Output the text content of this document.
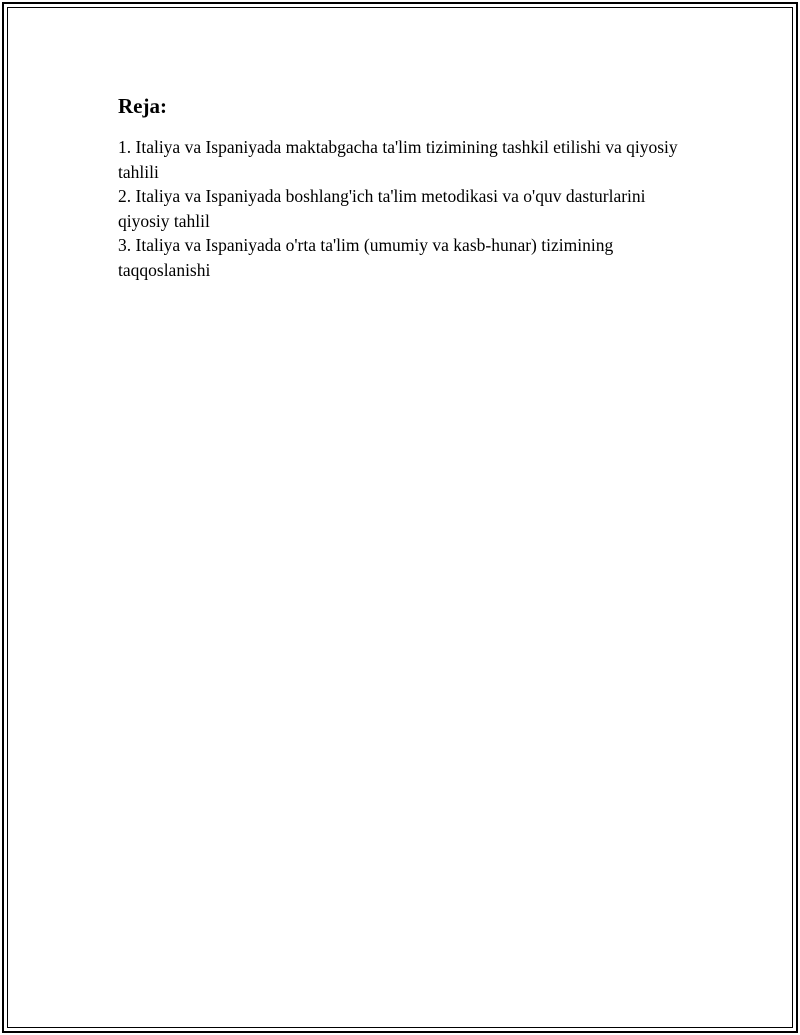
Reja:
1. Italiya va Ispaniyada maktabgacha ta'lim tizimining tashkil etilishi va qiyosiy tahlili
2. Italiya va Ispaniyada boshlang'ich ta'lim metodikasi va o'quv dasturlarini qiyosiy tahlil
3. Italiya va Ispaniyada o'rta ta'lim (umumiy va kasb-hunar) tizimining taqqoslanishi
